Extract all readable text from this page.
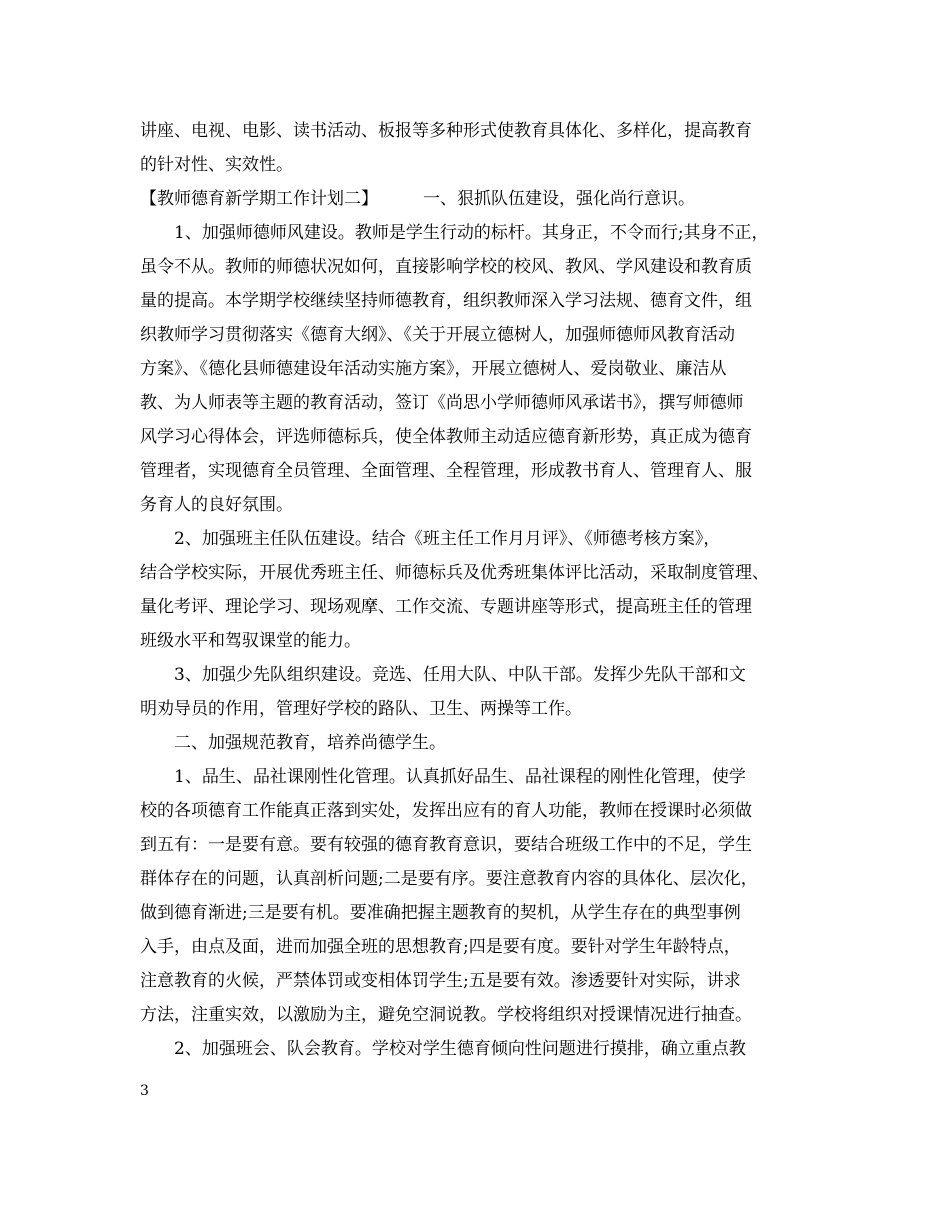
讲座、电视、电影、读书活动、板报等多种形式使教育具体化、多样化，提高教育
的针对性、实效性。
【教师德育新学期工作计划二】	一、狠抓队伍建设，强化尚行意识。
1、加强师德师风建设。教师是学生行动的标杆。其身正，不令而行;其身不正，
虽令不从。教师的师德状况如何，直接影响学校的校风、教风、学风建设和教育质
量的提高。本学期学校继续坚持师德教育，组织教师深入学习法规、德育文件，组
织教师学习贯彻落实《德育大纲》、《关于开展立德树人，加强师德师风教育活动
方案》、《德化县师德建设年活动实施方案》，开展立德树人、爱岗敬业、廉洁从
教、为人师表等主题的教育活动，签订《尚思小学师德师风承诺书》，撰写师德师
风学习心得体会，评选师德标兵，使全体教师主动适应德育新形势，真正成为德育
管理者，实现德育全员管理、全面管理、全程管理，形成教书育人、管理育人、服
务育人的良好氛围。
2、加强班主任队伍建设。结合《班主任工作月月评》、《师德考核方案》，
结合学校实际，开展优秀班主任、师德标兵及优秀班集体评比活动，采取制度管理、
量化考评、理论学习、现场观摩、工作交流、专题讲座等形式，提高班主任的管理
班级水平和驾驭课堂的能力。
3、加强少先队组织建设。竞选、任用大队、中队干部。发挥少先队干部和文
明劝导员的作用，管理好学校的路队、卫生、两操等工作。
二、加强规范教育，培养尚德学生。
1、品生、品社课刚性化管理。认真抓好品生、品社课程的刚性化管理，使学
校的各项德育工作能真正落到实处，发挥出应有的育人功能，教师在授课时必须做
到五有：一是要有意。要有较强的德育教育意识，要结合班级工作中的不足，学生
群体存在的问题，认真剖析问题;二是要有序。要注意教育内容的具体化、层次化，
做到德育渐进;三是要有机。要准确把握主题教育的契机，从学生存在的典型事例
入手，由点及面，进而加强全班的思想教育;四是要有度。要针对学生年龄特点，
注意教育的火候，严禁体罚或变相体罚学生;五是要有效。渗透要针对实际，讲求
方法，注重实效，以激励为主，避免空洞说教。学校将组织对授课情况进行抽查。
2、加强班会、队会教育。学校对学生德育倾向性问题进行摸排，确立重点教
3
